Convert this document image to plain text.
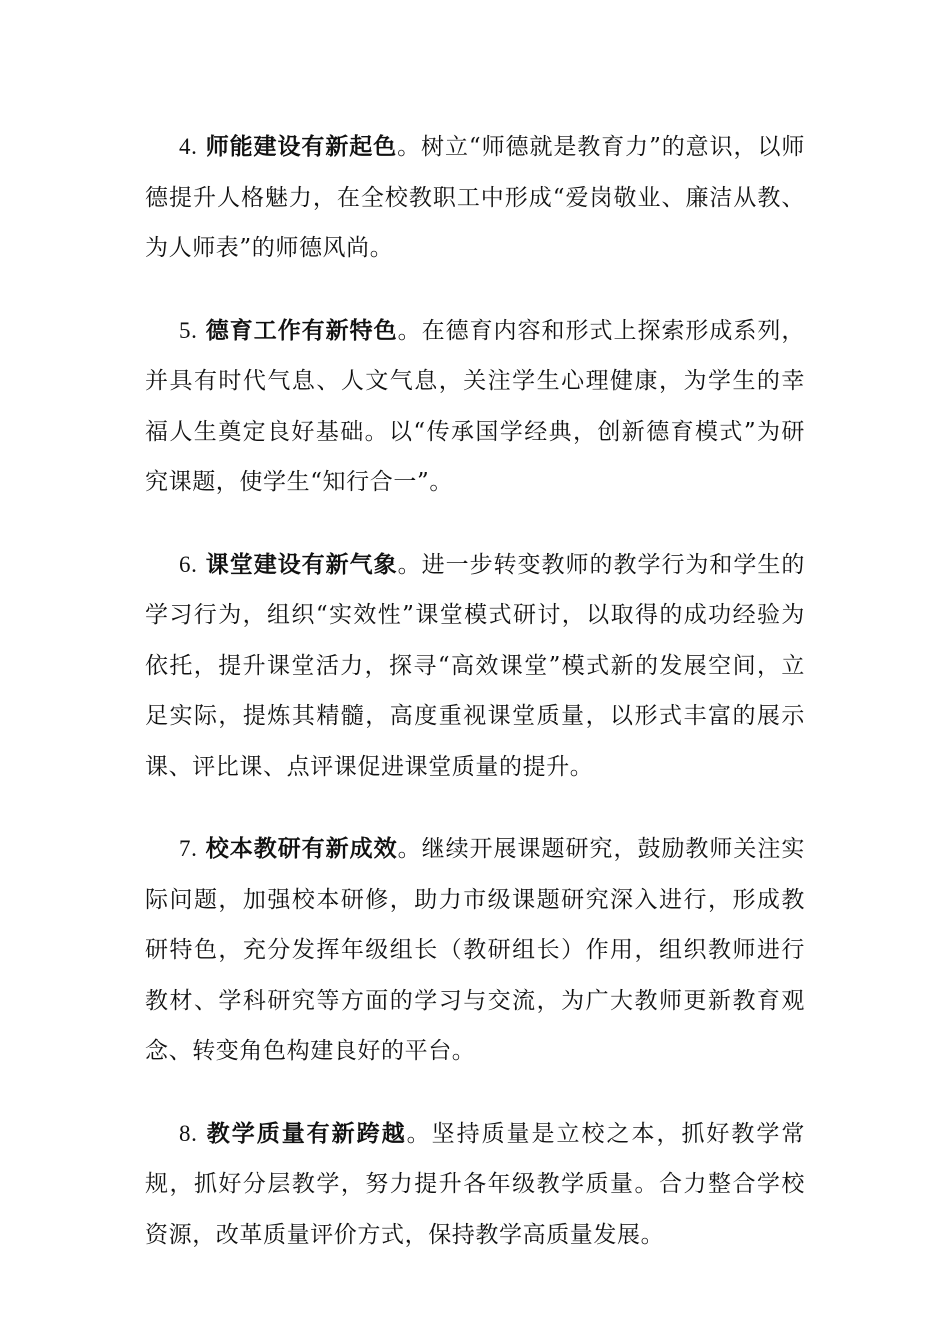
4. 师能建设有新起色。树立“师德就是教育力”的意识，以师德提升人格魅力，在全校教职工中形成“爱岗敬业、廉洁从教、为人师表”的师德风尚。

5. 德育工作有新特色。在德育内容和形式上探索形成系列，并具有时代气息、人文气息，关注学生心理健康，为学生的幸福人生奠定良好基础。以“传承国学经典，创新德育模式”为研究课题，使学生“知行合一”。

6. 课堂建设有新气象。进一步转变教师的教学行为和学生的学习行为，组织“实效性”课堂模式研讨，以取得的成功经验为依托，提升课堂活力，探寻“高效课堂”模式新的发展空间，立足实际，提炼其精髓，高度重视课堂质量，以形式丰富的展示课、评比课、点评课促进课堂质量的提升。

7. 校本教研有新成效。继续开展课题研究，鼓励教师关注实际问题，加强校本研修，助力市级课题研究深入进行，形成教研特色，充分发挥年级组长（教研组长）作用，组织教师进行教材、学科研究等方面的学习与交流，为广大教师更新教育观念、转变角色构建良好的平台。

8. 教学质量有新跨越。坚持质量是立校之本，抓好教学常规，抓好分层教学，努力提升各年级教学质量。合力整合学校资源，改革质量评价方式，保持教学高质量发展。
